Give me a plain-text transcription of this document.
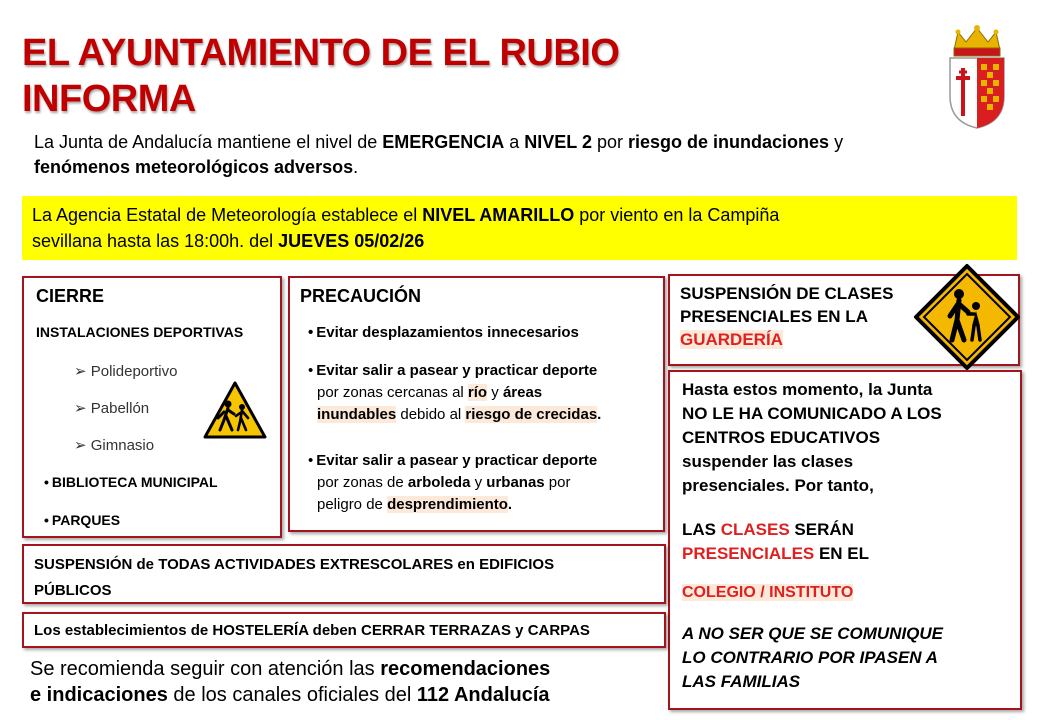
EL AYUNTAMIENTO DE EL RUBIO
INFORMA
La Junta de Andalucía mantiene el nivel de EMERGENCIA a NIVEL 2 por riesgo de inundaciones y
fenómenos meteorológicos adversos.
La Agencia Estatal de Meteorología establece el NIVEL AMARILLO por viento en la Campiña
sevillana hasta las 18:00h. del JUEVES 05/02/26
CIERRE
INSTALACIONES DEPORTIVAS
➢ Polideportivo
➢ Pabellón
➢ Gimnasio
• BIBLIOTECA MUNICIPAL
• PARQUES
PRECAUCIÓN
• Evitar desplazamientos innecesarios
• Evitar salir a pasear y practicar deporte
por zonas cercanas al río y áreas
inundables debido al riesgo de crecidas.
• Evitar salir a pasear y practicar deporte
por zonas de arboleda y urbanas por
peligro de desprendimiento.
SUSPENSIÓN DE CLASES
PRESENCIALES EN LA
GUARDERÍA
Hasta estos momento, la Junta
NO LE HA COMUNICADO A LOS
CENTROS EDUCATIVOS
suspender las clases
presenciales. Por tanto,
LAS CLASES SERÁN
PRESENCIALES EN EL
COLEGIO / INSTITUTO
A NO SER QUE SE COMUNIQUE
LO CONTRARIO POR IPASEN A
LAS FAMILIAS
SUSPENSIÓN de TODAS ACTIVIDADES EXTRESCOLARES en EDIFICIOS
PÚBLICOS
Los establecimientos de HOSTELERÍA deben CERRAR TERRAZAS y CARPAS
Se recomienda seguir con atención las recomendaciones
e indicaciones de los canales oficiales del 112 Andalucía
